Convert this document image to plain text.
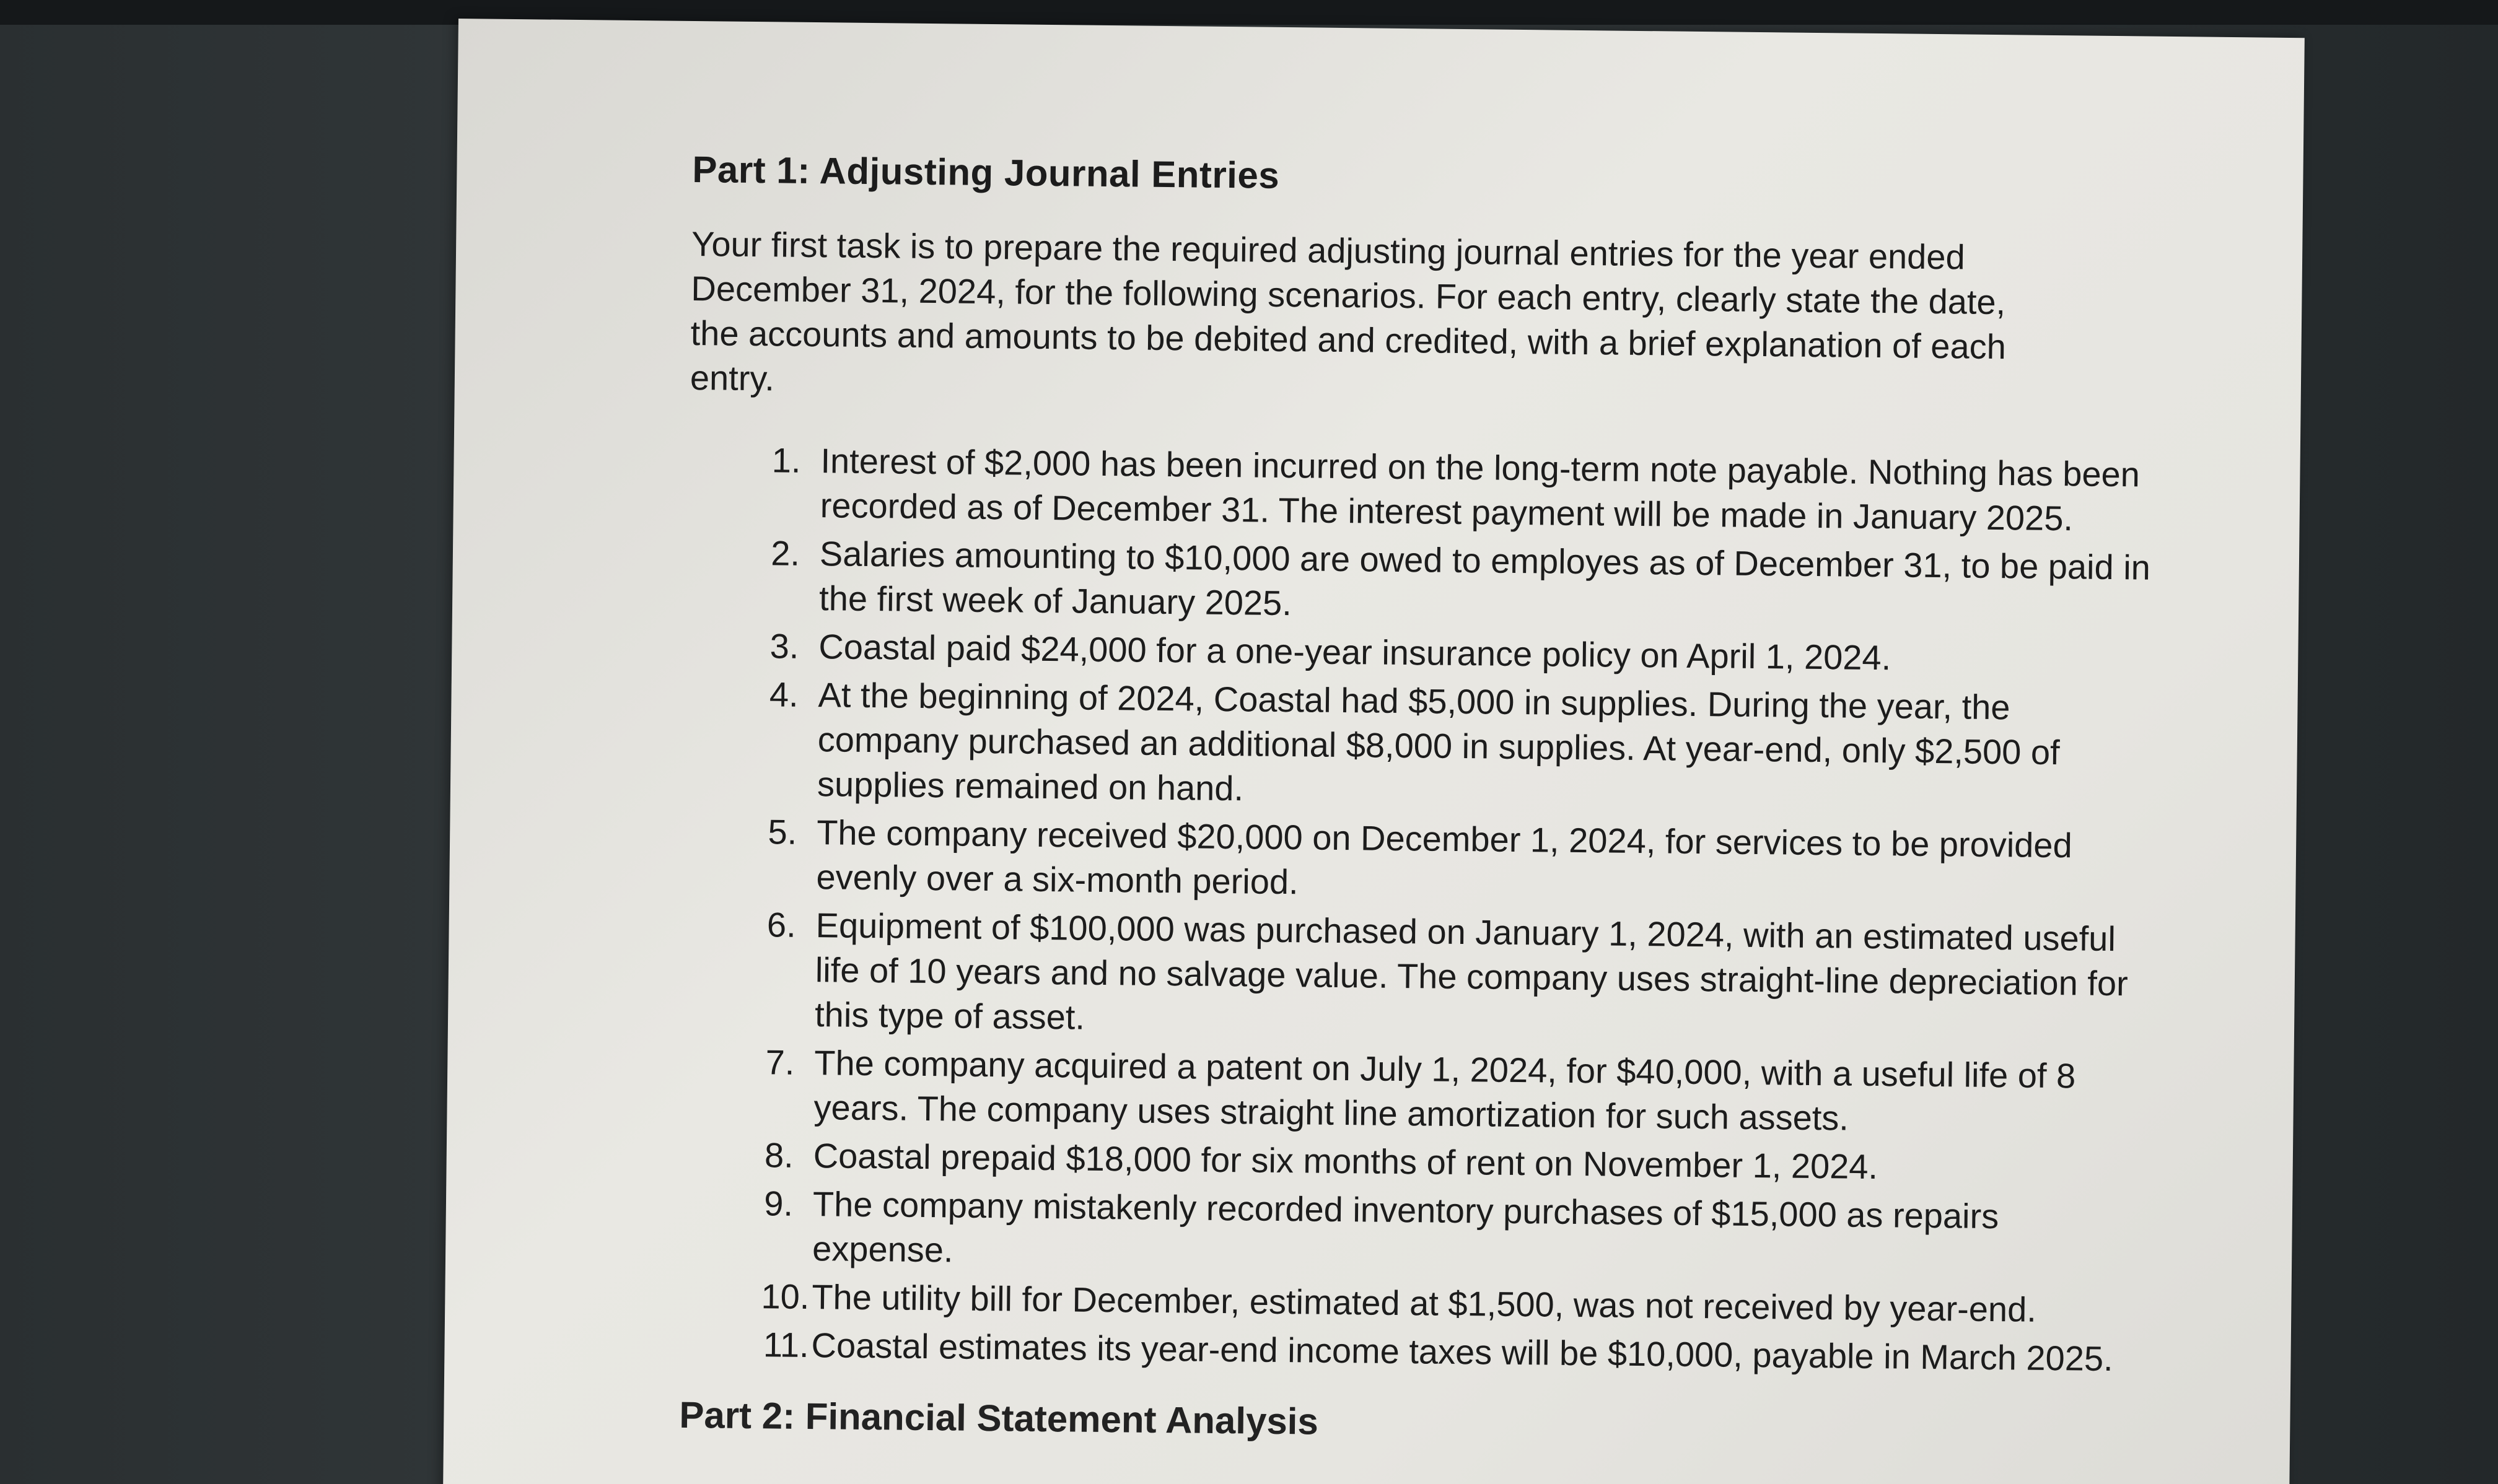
Part 1: Adjusting Journal Entries
Your first task is to prepare the required adjusting journal entries for the year ended December 31, 2024, for the following scenarios. For each entry, clearly state the date, the accounts and amounts to be debited and credited, with a brief explanation of each entry.
1. Interest of $2,000 has been incurred on the long-term note payable. Nothing has been recorded as of December 31. The interest payment will be made in January 2025.
2. Salaries amounting to $10,000 are owed to employes as of December 31, to be paid in the first week of January 2025.
3. Coastal paid $24,000 for a one-year insurance policy on April 1, 2024.
4. At the beginning of 2024, Coastal had $5,000 in supplies. During the year, the company purchased an additional $8,000 in supplies. At year-end, only $2,500 of supplies remained on hand.
5. The company received $20,000 on December 1, 2024, for services to be provided evenly over a six-month period.
6. Equipment of $100,000 was purchased on January 1, 2024, with an estimated useful life of 10 years and no salvage value. The company uses straight-line depreciation for this type of asset.
7. The company acquired a patent on July 1, 2024, for $40,000, with a useful life of 8 years. The company uses straight line amortization for such assets.
8. Coastal prepaid $18,000 for six months of rent on November 1, 2024.
9. The company mistakenly recorded inventory purchases of $15,000 as repairs expense.
10. The utility bill for December, estimated at $1,500, was not received by year-end.
11. Coastal estimates its year-end income taxes will be $10,000, payable in March 2025.
Part 2: Financial Statement Analysis
